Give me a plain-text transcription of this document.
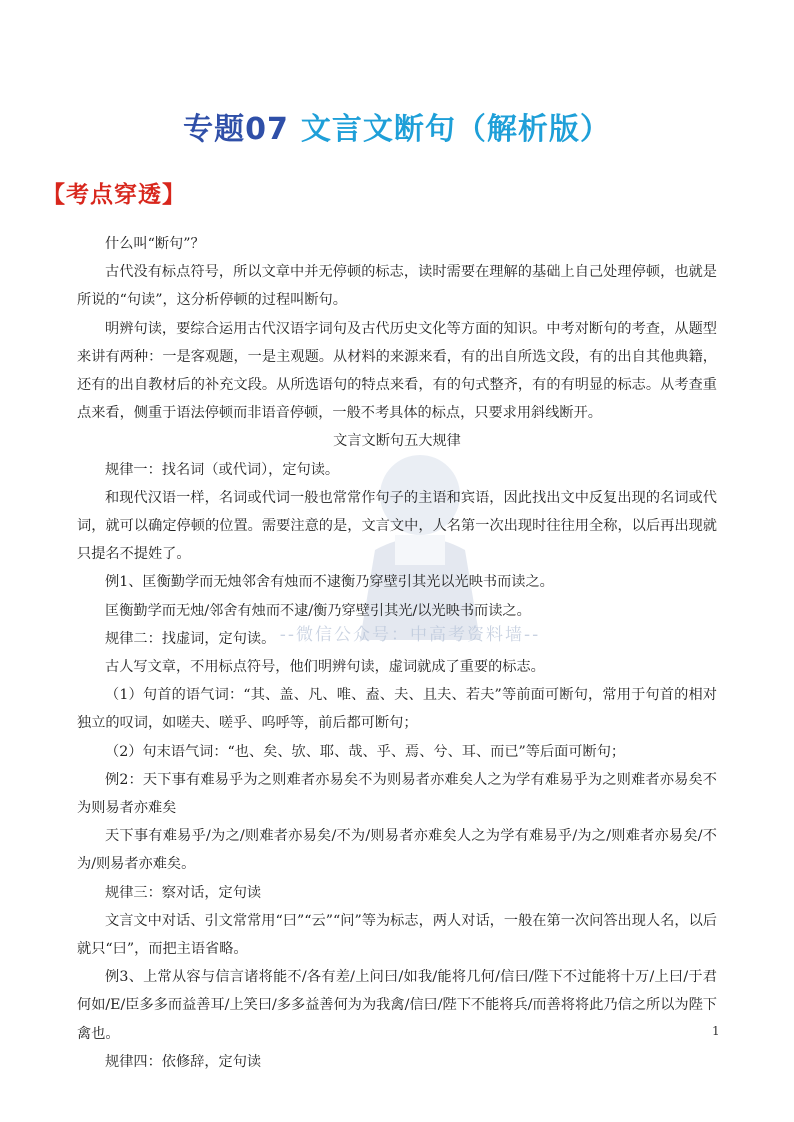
专题07 文言文断句（解析版）
【考点穿透】
--微信公众号：中高考资料墙--

什么叫“断句”？

古代没有标点符号，所以文章中并无停顿的标志，读时需要在理解的基础上自己处理停顿，也就是所说的“句读”，这分析停顿的过程叫断句。

明辨句读，要综合运用古代汉语字词句及古代历史文化等方面的知识。中考对断句的考查，从题型来讲有两种：一是客观题，一是主观题。从材料的来源来看，有的出自所选文段，有的出自其他典籍，还有的出自教材后的补充文段。从所选语句的特点来看，有的句式整齐，有的有明显的标志。从考查重点来看，侧重于语法停顿而非语音停顿，一般不考具体的标点，只要求用斜线断开。

文言文断句五大规律

规律一：找名词（或代词），定句读。

和现代汉语一样，名词或代词一般也常常作句子的主语和宾语，因此找出文中反复出现的名词或代词，就可以确定停顿的位置。需要注意的是，文言文中，人名第一次出现时往往用全称，以后再出现就只提名不提姓了。

例1、匡衡勤学而无烛邻舍有烛而不逮衡乃穿壁引其光以光映书而读之。

匡衡勤学而无烛/邻舍有烛而不逮/衡乃穿壁引其光/以光映书而读之。

规律二：找虚词，定句读。

古人写文章，不用标点符号，他们明辨句读，虚词就成了重要的标志。

（1）句首的语气词：“其、盖、凡、唯、盍、夫、且夫、若夫”等前面可断句，常用于句首的相对独立的叹词，如嗟夫、嗟乎、呜呼等，前后都可断句；

（2）句末语气词：“也、矣、欤、耶、哉、乎、焉、兮、耳、而已”等后面可断句；

例2：天下事有难易乎为之则难者亦易矣不为则易者亦难矣人之为学有难易乎为之则难者亦易矣不为则易者亦难矣

天下事有难易乎/为之/则难者亦易矣/不为/则易者亦难矣人之为学有难易乎/为之/则难者亦易矣/不为/则易者亦难矣。

规律三：察对话，定句读

文言文中对话、引文常常用“曰”“云”“问”等为标志，两人对话，一般在第一次问答出现人名，以后就只“曰”，而把主语省略。

例3、上常从容与信言诸将能不/各有差/上问曰/如我/能将几何/信曰/陛下不过能将十万/上曰/于君何如/E/臣多多而益善耳/上笑曰/多多益善何为为我禽/信曰/陛下不能将兵/而善将将此乃信之所以为陛下禽也。

规律四：依修辞，定句读

1
